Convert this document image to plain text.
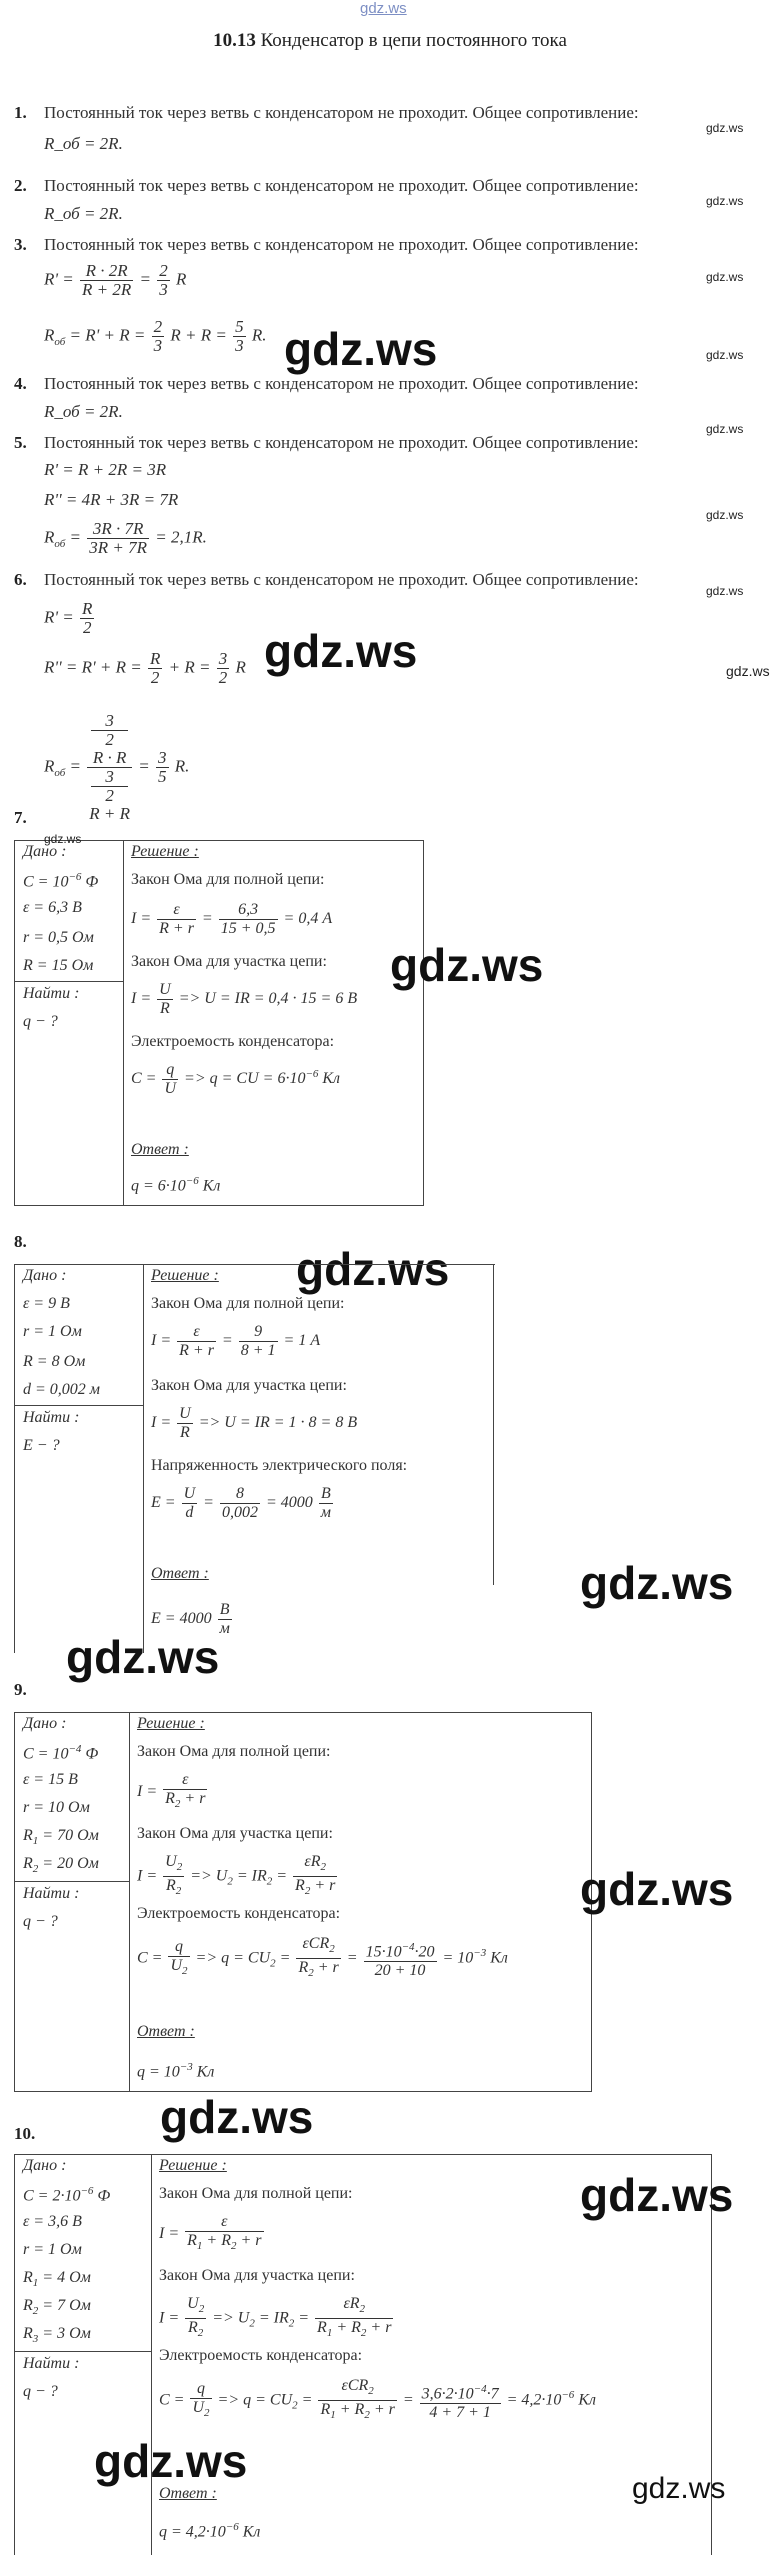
gdz.ws
10.13 Конденсатор в цепи постоянного тока
1. Постоянный ток через ветвь с конденсатором не проходит. Общее сопротивление:
R_об = 2R.
gdz.ws
2. Постоянный ток через ветвь с конденсатором не проходит. Общее сопротивление:
R_об = 2R.
gdz.ws
3. Постоянный ток через ветвь с конденсатором не проходит. Общее сопротивление:
$R' = \frac{R \cdot 2R}{R + 2R} = \frac{2}{3}$ R
$R_{об} = R' + R = \frac{2}{3}$ $R + R = \frac{5}{3} R$.
gdz.ws
gdz.ws
gdz.ws
4. Постоянный ток через ветвь с конденсатором не проходит. Общее сопротивление:
R_об = 2R.
gdz.ws
5. Постоянный ток через ветвь с конденсатором не проходит. Общее сопротивление:
R' = R + 2R = 3R
R'' = 4R + 3R = 7R
$R_{об} = \frac{3R \cdot 7R}{3R + 7R} = 2,1R$.
gdz.ws
6. Постоянный ток через ветвь с конденсатором не проходит. Общее сопротивление:
gdz.ws
$R' = \frac{R}{2}$
$R'' = R' + R = \frac{R}{2} + R = \frac{3}{2}$ R
$R_{об} = 3$
2
R · R
3
2
$R + R = \frac{3}{5} R$.
gdz.ws	gdz.ws
7.
Дано :
$C = 10^{-6}$ Ф
ε = 6,3 В
r = 0,5 Ом
R = 15 Ом
Найти :
q − ?
Решение :
Закон Ома для полной цепи:
$I = \frac{\varepsilon}{R + r} = \frac{6,3}{15 + 0,5} = 0,4$ А
Закон Ома для участка цепи:
$I = \frac{U}{R} => U$ = IR = 0,4 · 15 = 6 В
Электроемость конденсатора:
$C = \frac{q}{U} => q$ = CU = $6\cdot 10^{-6}$ Кл
Ответ :
$q = 6\cdot 10^{-6}$ Кл
gdz.ws
gdz.ws
8.
gdz.ws
Дано :
ε = 9 В
r = 1 Ом
R = 8 Ом
d = 0,002 м
Найти :
E − ?
Решение :
Закон Ома для полной цепи:
$I = \frac{\varepsilon}{R + r} = \frac{9}{8 + 1} = 1$ А
Закон Ома для участка цепи:
$I = \frac{U}{R} => U$ = IR = 1 · 8 = 8 В
Напряженность электрического поля:
$E = \frac{U}{d} = \frac{8}{0,002} = 4000 \frac{В}{м}$
Ответ :
$E = 4000 \frac{В}{м}$
gdz.ws
gdz.ws
9.
Дано :
$C = 10^{-4}$ Ф
ε = 15 В
r = 10 Ом
$R_1 = 70$ Ом
$R_2 = 20$ Ом
Найти :
q − ?
Решение :
Закон Ома для полной цепи:
$I = \frac{\varepsilon}{R_2 + r}$
Закон Ома для участка цепи:
$I = \frac{U_2}{R_2} => U_2 = IR_2 = \frac{\varepsilon R_2}{R_2 + r}$
Электроемость конденсатора:
$C = \frac{q}{U_2} => q = CU_2 = \frac{\varepsilon CR_2}{R_2 + r} = \frac{15\cdot 10^{-4}\cdot 20}{20 + 10} = 10^{-3}$ Кл
Ответ :
$q = 10^{-3}$ Кл
gdz.ws
gdz.ws
10.
Дано :
$C = 2\cdot 10^{-6}$ Ф
ε = 3,6 В
r = 1 Ом
$R_1 = 4$ Ом
$R_2 = 7$ Ом
$R_3 = 3$ Ом
Найти :
q − ?
Решение :
Закон Ома для полной цепи:
$I = \frac{\varepsilon}{R_1 + R_2 + r}$
Закон Ома для участка цепи:
$I = \frac{U_2}{R_2} => U_2 = IR_2 = \frac{\varepsilon R_2}{R_1 + R_2 + r}$
Электроемость конденсатора:
$C = \frac{q}{U_2} => q = CU_2 = \frac{\varepsilon CR_2}{R_1 + R_2 + r} = \frac{3,6\cdot 2\cdot 10^{-4}\cdot 7}{4 + 7 + 1} = 4,2\cdot 10^{-6}$ Кл
Ответ :
$q = 4,2\cdot 10^{-6}$ Кл
gdz.ws
gdz.ws
gdz.ws
